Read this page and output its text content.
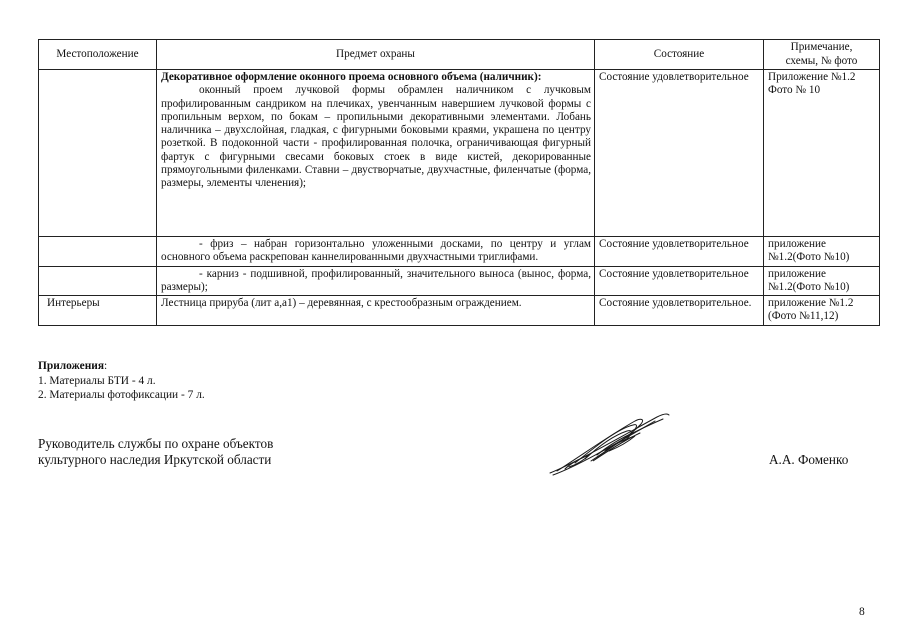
Местоположение	Предмет охраны	Состояние	Примечание,
схемы, № фото
	Декоративное оформление оконного проема основного объема (наличник):
оконный проем лучковой формы обрамлен наличником с лучковым профилированным сандриком на плечиках, увенчанным навершием лучковой формы с пропильным верхом, по бокам – пропильными декоративными элементами. Лобань наличника – двухслойная, гладкая, с фигурными боковыми краями, украшена по центру розеткой. В подоконной части - профилированная полочка, ограничивающая фигурный фартук с фигурными свесами боковых стоек в виде кистей, декорированные прямоугольными филенками. Ставни – двустворчатые, двухчастные, филенчатые (форма, размеры, элементы членения);	Состояние удовлетворительное	Приложение №1.2 Фото № 10

	- фриз – набран горизонтально уложенными досками, по центру и углам основного объема раскрепован каннелированными двухчастными триглифами.	Состояние удовлетворительное	приложение №1.2(Фото №10)

	- карниз - подшивной, профилированный, значительного выноса (вынос, форма, размеры);	Состояние удовлетворительное	приложение №1.2(Фото №10)
Интерьеры	Лестница прируба (лит а,а1) – деревянная, с крестообразным ограждением.	Состояние удовлетворительное.	приложение №1.2 (Фото №11,12)
Приложения:
1. Материалы БТИ - 4 л.
2. Материалы фотофиксации - 7 л.
Руководитель службы по охране объектов
культурного наследия Иркутской области	А.А. Фоменко
8
